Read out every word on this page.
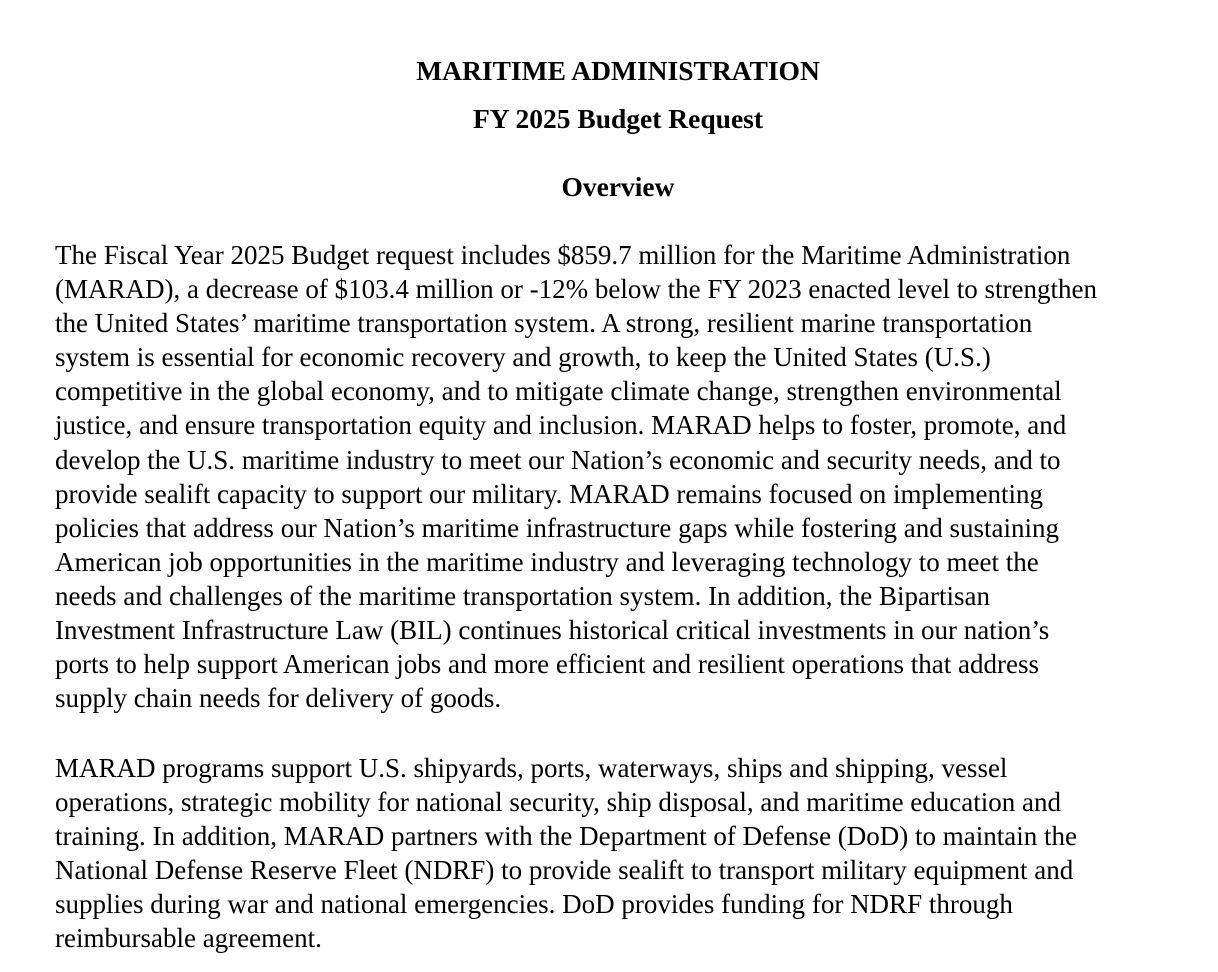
MARITIME ADMINISTRATION
FY 2025 Budget Request
Overview
The Fiscal Year 2025 Budget request includes $859.7 million for the Maritime Administration
(MARAD), a decrease of $103.4 million or -12% below the FY 2023 enacted level to strengthen
the United States’ maritime transportation system. A strong, resilient marine transportation
system is essential for economic recovery and growth, to keep the United States (U.S.)
competitive in the global economy, and to mitigate climate change, strengthen environmental
justice, and ensure transportation equity and inclusion. MARAD helps to foster, promote, and
develop the U.S. maritime industry to meet our Nation’s economic and security needs, and to
provide sealift capacity to support our military. MARAD remains focused on implementing
policies that address our Nation’s maritime infrastructure gaps while fostering and sustaining
American job opportunities in the maritime industry and leveraging technology to meet the
needs and challenges of the maritime transportation system. In addition, the Bipartisan
Investment Infrastructure Law (BIL) continues historical critical investments in our nation’s
ports to help support American jobs and more efficient and resilient operations that address
supply chain needs for delivery of goods.
MARAD programs support U.S. shipyards, ports, waterways, ships and shipping, vessel
operations, strategic mobility for national security, ship disposal, and maritime education and
training. In addition, MARAD partners with the Department of Defense (DoD) to maintain the
National Defense Reserve Fleet (NDRF) to provide sealift to transport military equipment and
supplies during war and national emergencies. DoD provides funding for NDRF through
reimbursable agreement.
